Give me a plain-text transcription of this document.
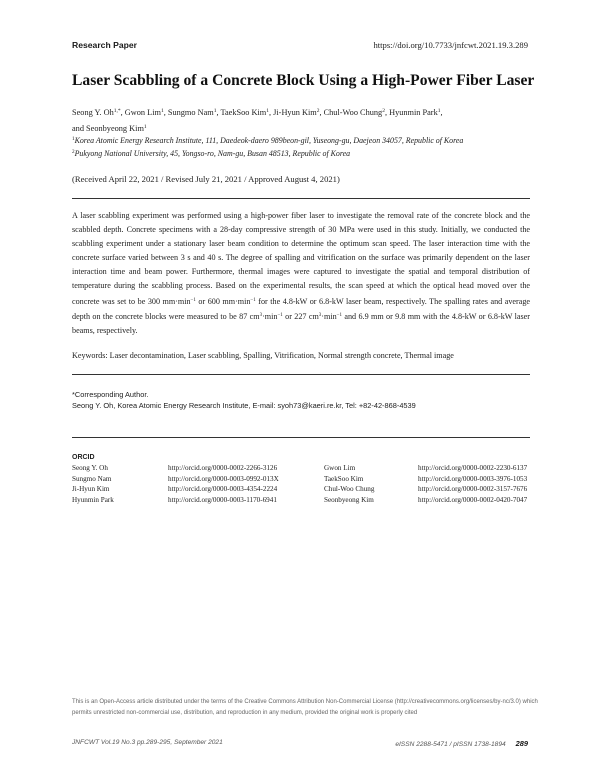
Research Paper	https://doi.org/10.7733/jnfcwt.2021.19.3.289
Laser Scabbling of a Concrete Block Using a High-Power Fiber Laser
Seong Y. $Oh^{1,*}$, Gwon Lim$^1$, Sungmo Nam$^1$, TaekSoo Kim$^1$, Ji-Hyun Kim$^2$, Chul-Woo Chung$^2$, Hyunmin Park$^1$,
and Seonbyeong Kim$^1$
$^1$Korea Atomic Energy Research Institute, 111, Daedeok-daero 989beon-gil, Yuseong-gu, Daejeon 34057, Republic of Korea
$^2$Pukyong National University, 45, Yongso-ro, Nam-gu, Busan 48513, Republic of Korea
(Received April 22, 2021 / Revised July 21, 2021 / Approved August 4, 2021)
A laser scabbling experiment was performed using a high-power fiber laser to investigate the removal rate of the concrete block and the scabbled depth. Concrete specimens with a 28-day compressive strength of 30 MPa were used in this study. Initially, we conducted the scabbling experiment under a stationary laser beam condition to determine the optimum scan speed. The laser interaction time with the concrete surface varied between 3 s and 40 s. The degree of spalling and vitrification on the surface was primarily dependent on the laser interaction time and beam power. Furthermore, thermal images were captured to investigate the spatial and temporal distribution of temperature during the scabbling process. Based on the experimental results, the scan speed at which the optical head moved over the concrete was set to be 300 $mm\cdot\min^{-1}$ or 600 $mm\cdot\min^{-1}$ for the 4.8-kW or 6.8-kW laser beam, respectively. The spalling rates and average depth on the concrete blocks were measured to be 87 $cm^3\cdot\min^{-1}$ or 227 $cm^3\cdot\min^{-1}$ and 6.9 mm or 9.8 mm with the 4.8-kW or 6.8-kW laser beams, respectively.
Keywords: Laser decontamination, Laser scabbling, Spalling, Vitrification, Normal strength concrete, Thermal image
*Corresponding Author.
Seong Y. Oh, Korea Atomic Energy Research Institute, E-mail: syoh73@kaeri.re.kr, Tel: +82-42-868-4539
ORCID
Seong Y. Oh	http://orcid.org/0000-0002-2266-3126	Gwon Lim	http://orcid.org/0000-0002-2230-6137
Sungmo Nam	http://orcid.org/0000-0003-0992-013X	TaekSoo Kim	http://orcid.org/0000-0003-3976-1053
Ji-Hyun Kim	http://orcid.org/0000-0003-4354-2224	Chul-Woo Chung	http://orcid.org/0000-0002-3157-7676
Hyunmin Park	http://orcid.org/0000-0003-1170-6941	Seonbyeong Kim	http://orcid.org/0000-0002-0420-7047
This is an Open-Access article distributed under the terms of the Creative Commons Attribution Non-Commercial License (http://creativecommons.org/licenses/by-nc/3.0) which permits unrestricted non-commercial use, distribution, and reproduction in any medium, provided the original work is properly cited
JNFCWT Vol.19 No.3 pp.289-295, September 2021	eISSN 2288-5471 / pISSN 1738-1894 289
